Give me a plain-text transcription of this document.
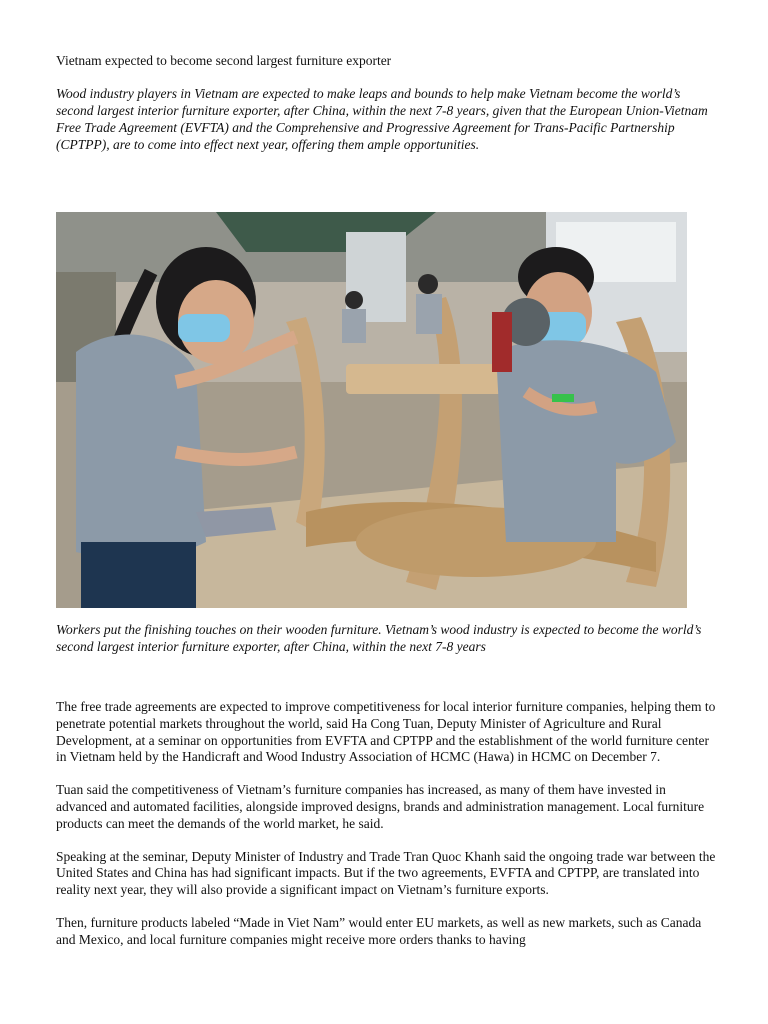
Vietnam expected to become second largest furniture exporter

Wood industry players in Vietnam are expected to make leaps and bounds to help make Vietnam become the world’s second largest interior furniture exporter, after China, within the next 7-8 years, given that the European Union-Vietnam Free Trade Agreement (EVFTA) and the Comprehensive and Progressive Agreement for Trans-Pacific Partnership (CPTPP), are to come into effect next year, offering them ample opportunities.

Workers put the finishing touches on their wooden furniture. Vietnam’s wood industry is expected to become the world’s second largest interior furniture exporter, after China, within the next 7-8 years

The free trade agreements are expected to improve competitiveness for local interior furniture companies, helping them to penetrate potential markets throughout the world, said Ha Cong Tuan, Deputy Minister of Agriculture and Rural Development, at a seminar on opportunities from EVFTA and CPTPP and the establishment of the world furniture center in Vietnam held by the Handicraft and Wood Industry Association of HCMC (Hawa) in HCMC on December 7.

Tuan said the competitiveness of Vietnam’s furniture companies has increased, as many of them have invested in advanced and automated facilities, alongside improved designs, brands and administration management. Local furniture products can meet the demands of the world market, he said.

Speaking at the seminar, Deputy Minister of Industry and Trade Tran Quoc Khanh said the ongoing trade war between the United States and China has had significant impacts. But if the two agreements, EVFTA and CPTPP, are translated into reality next year, they will also provide a significant impact on Vietnam’s furniture exports.

Then, furniture products labeled “Made in Viet Nam” would enter EU markets, as well as new markets, such as Canada and Mexico, and local furniture companies might receive more orders thanks to having
